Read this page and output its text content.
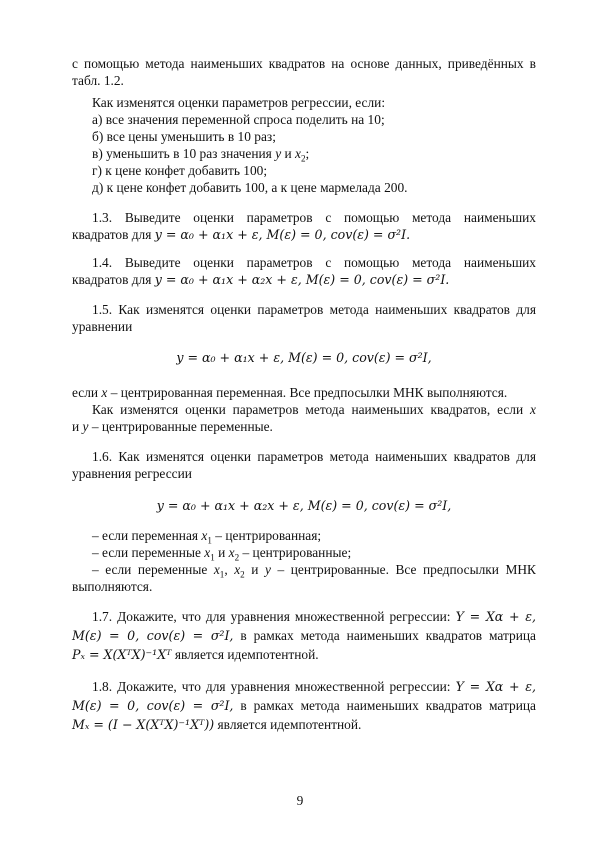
с помощью метода наименьших квадратов на основе данных, приведённых в
табл. 1.2.
Как изменятся оценки параметров регрессии, если:
а) все значения переменной спроса поделить на 10;
б) все цены уменьшить в 10 раз;
в) уменьшить в 10 раз значения y и $x_2$;
г) к цене конфет добавить 100;
д) к цене конфет добавить 100, а к цене мармелада 200.
1.3. Выведите оценки параметров с помощью метода наименьших
квадратов для y = α₀ + α₁x + ε, M(ε) = 0, cov(ε) = σ²I.
1.4. Выведите оценки параметров с помощью метода наименьших
квадратов для y = α₀ + α₁x + α₂x + ε, M(ε) = 0, cov(ε) = σ²I.
1.5. Как изменятся оценки параметров метода наименьших квадратов для
уравнении
y = α₀ + α₁x + ε, M(ε) = 0, cov(ε) = σ²I,
если x – центрированная переменная. Все предпосылки МНК выполняются.
Как изменятся оценки параметров метода наименьших квадратов, если x
и y – центрированные переменные.
1.6. Как изменятся оценки параметров метода наименьших квадратов для
уравнения регрессии
y = α₀ + α₁x + α₂x + ε, M(ε) = 0, cov(ε) = σ²I,
– если переменная $x_1$ – центрированная;
– если переменные $x_1$ и $x_2$ – центрированные;
– если переменные $x_1$, $x_2$ и y – центрированные. Все предпосылки МНК
выполняются.
1.7. Докажите, что для уравнения множественной регрессии: Y = Xα + ε,
M(ε) = 0, cov(ε) = σ²I, в рамках метода наименьших квадратов матрица
Pₓ = X(XᵀX)⁻¹Xᵀ является идемпотентной.
1.8. Докажите, что для уравнения множественной регрессии: Y = Xα + ε,
M(ε) = 0, cov(ε) = σ²I, в рамках метода наименьших квадратов матрица
Mₓ = (I − X(XᵀX)⁻¹Xᵀ)) является идемпотентной.
9
